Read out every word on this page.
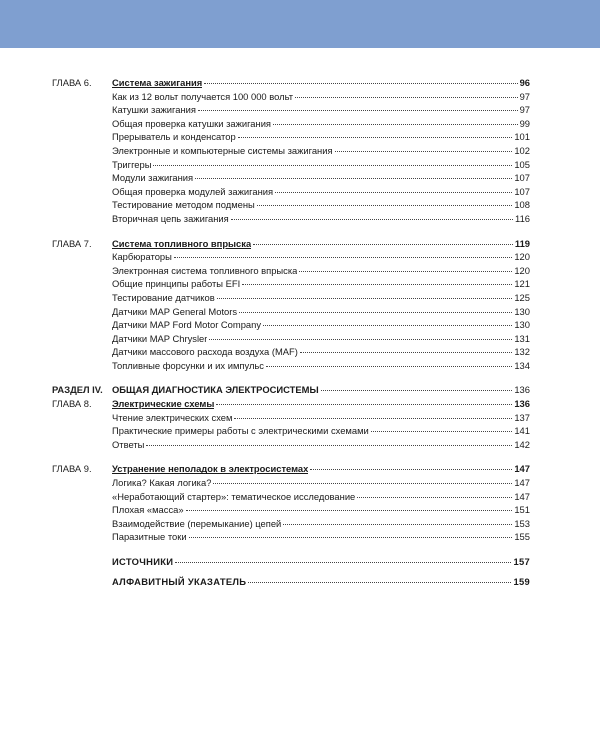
ГЛАВА 6.	Система зажигания	96
Как из 12 вольт получается 100 000 вольт	97
Катушки зажигания	97
Общая проверка катушки зажигания	99
Прерыватель и конденсатор	101
Электронные и компьютерные системы зажигания	102
Триггеры	105
Модули зажигания	107
Общая проверка модулей зажигания	107
Тестирование методом подмены	108
Вторичная цепь зажигания	116
ГЛАВА 7.	Система топливного впрыска	119
Карбюраторы	120
Электронная система топливного впрыска	120
Общие принципы работы EFI	121
Тестирование датчиков	125
Датчики MAP General Motors	130
Датчики MAP Ford Motor Company	130
Датчики MAP Chrysler	131
Датчики массового расхода воздуха (MAF)	132
Топливные форсунки и их импульс	134
РАЗДЕЛ IV. ОБЩАЯ ДИАГНОСТИКА ЭЛЕКТРОСИСТЕМЫ	136
ГЛАВА 8.	Электрические схемы	136
Чтение электрических схем	137
Практические примеры работы с электрическими схемами	141
Ответы	142
ГЛАВА 9.	Устранение неполадок в электросистемах	147
Логика? Какая логика?	147
«Неработающий стартер»: тематическое исследование	147
Плохая «масса»	151
Взаимодействие (перемыкание) цепей	153
Паразитные токи	155
ИСТОЧНИКИ	157
АЛФАВИТНЫЙ УКАЗАТЕЛЬ	159
